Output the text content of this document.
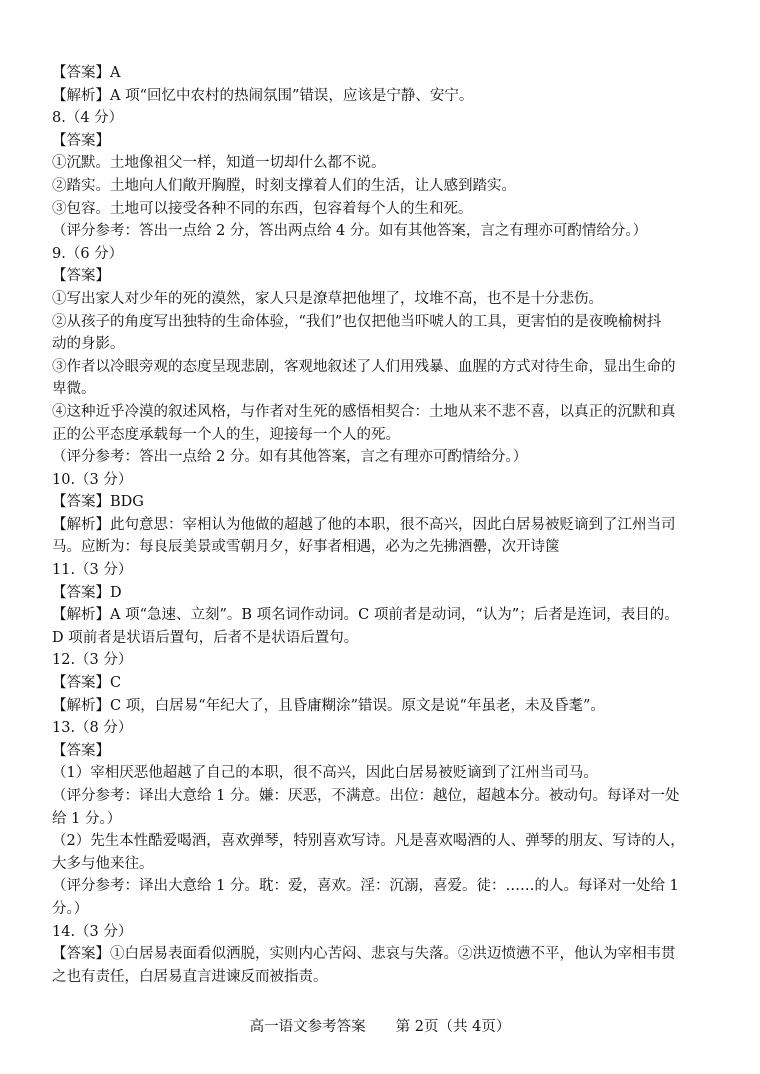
【答案】A
【解析】A 项“回忆中农村的热闹氛围”错误，应该是宁静、安宁。
8.（4 分）
【答案】
①沉默。土地像祖父一样，知道一切却什么都不说。
②踏实。土地向人们敞开胸膛，时刻支撑着人们的生活，让人感到踏实。
③包容。土地可以接受各种不同的东西，包容着每个人的生和死。
（评分参考：答出一点给 2 分，答出两点给 4 分。如有其他答案，言之有理亦可酌情给分。）
9.（6 分）
【答案】
①写出家人对少年的死的漠然，家人只是潦草把他埋了，坟堆不高，也不是十分悲伤。
②从孩子的角度写出独特的生命体验，“我们”也仅把他当吓唬人的工具，更害怕的是夜晚榆树抖
动的身影。
③作者以冷眼旁观的态度呈现悲剧，客观地叙述了人们用残暴、血腥的方式对待生命，显出生命的
卑微。
④这种近乎冷漠的叙述风格，与作者对生死的感悟相契合：土地从来不悲不喜，以真正的沉默和真
正的公平态度承载每一个人的生，迎接每一个人的死。
（评分参考：答出一点给 2 分。如有其他答案，言之有理亦可酌情给分。）
10.（3 分）
【答案】BDG
【解析】此句意思：宰相认为他做的超越了他的本职，很不高兴，因此白居易被贬谪到了江州当司
马。应断为：每良辰美景或雪朝月夕，好事者相遇，必为之先拂酒罍，次开诗箧
11.（3 分）
【答案】D
【解析】A 项“急速、立刻”。B 项名词作动词。C 项前者是动词，“认为”；后者是连词，表目的。
D 项前者是状语后置句，后者不是状语后置句。
12.（3 分）
【答案】C
【解析】C 项，白居易“年纪大了，且昏庸糊涂”错误。原文是说“年虽老，未及昏耄”。
13.（8 分）
【答案】
（1）宰相厌恶他超越了自己的本职，很不高兴，因此白居易被贬谪到了江州当司马。
（评分参考：译出大意给 1 分。嫌：厌恶，不满意。出位：越位，超越本分。被动句。每译对一处
给 1 分。）
（2）先生本性酷爱喝酒，喜欢弹琴，特别喜欢写诗。凡是喜欢喝酒的人、弹琴的朋友、写诗的人，
大多与他来往。
（评分参考：译出大意给 1 分。耽：爱，喜欢。淫：沉溺，喜爱。徒：……的人。每译对一处给 1
分。）
14.（3 分）
【答案】①白居易表面看似洒脱，实则内心苦闷、悲哀与失落。②洪迈愤懑不平，他认为宰相韦贯
之也有责任，白居易直言进谏反而被指责。
高一语文参考答案 第 2页（共 4页）
